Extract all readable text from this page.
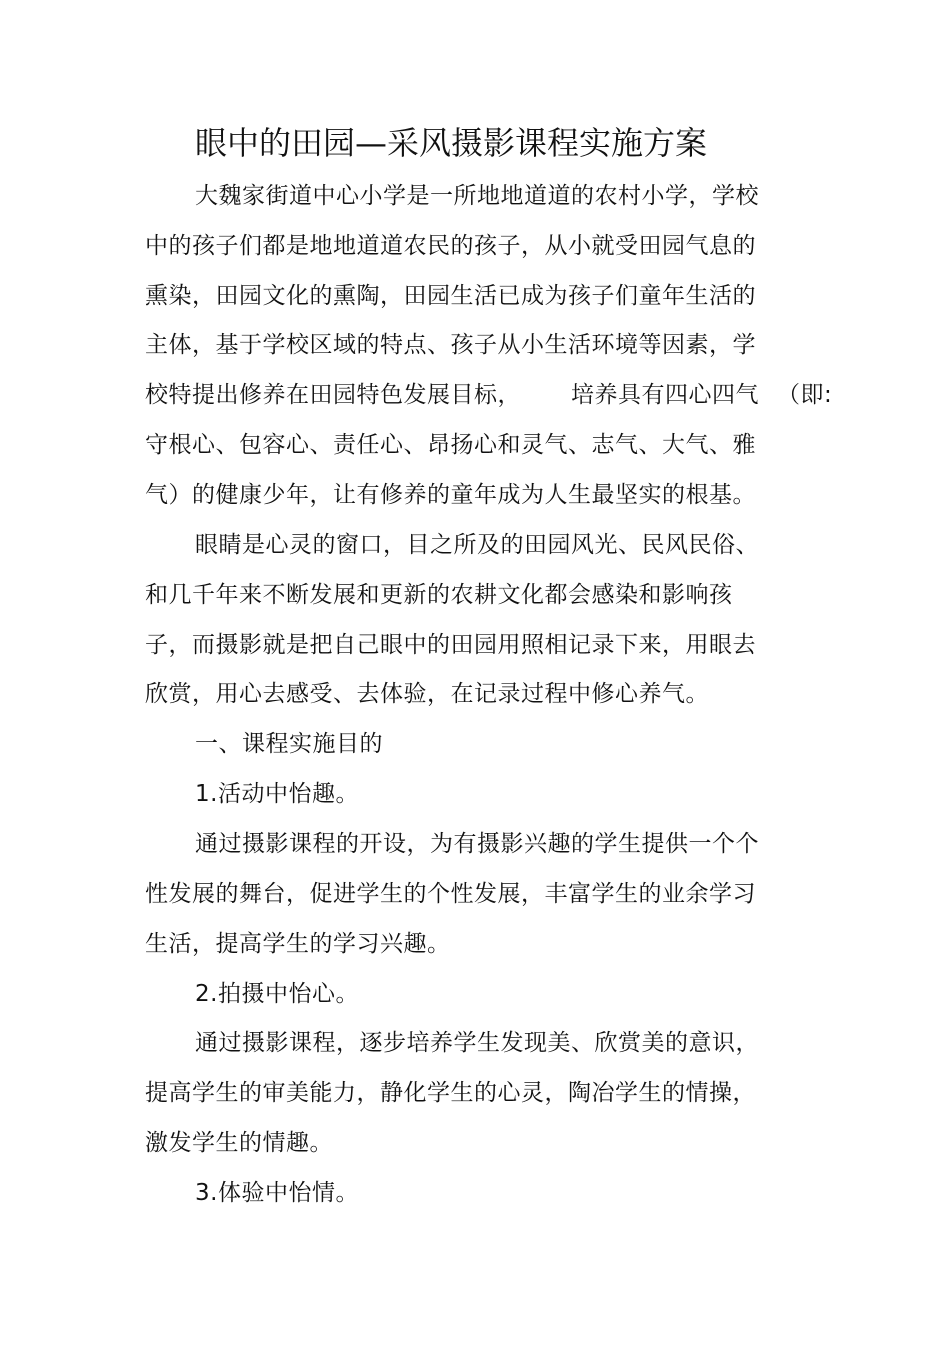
眼中的田园—采风摄影课程实施方案
大魏家街道中心小学是一所地地道道的农村小学，学校
中的孩子们都是地地道道农民的孩子，从小就受田园气息的
熏染，田园文化的熏陶，田园生活已成为孩子们童年生活的
主体，基于学校区域的特点、孩子从小生活环境等因素，学
校特提出修养在田园特色发展目标， 培养具有四心四气 （即:
守根心、包容心、责任心、昂扬心和灵气、志气、大气、雅
气）的健康少年，让有修养的童年成为人生最坚实的根基。
眼睛是心灵的窗口，目之所及的田园风光、民风民俗、
和几千年来不断发展和更新的农耕文化都会感染和影响孩
子，而摄影就是把自己眼中的田园用照相记录下来，用眼去
欣赏，用心去感受、去体验，在记录过程中修心养气。
一、课程实施目的
1.活动中怡趣。
通过摄影课程的开设，为有摄影兴趣的学生提供一个个
性发展的舞台，促进学生的个性发展，丰富学生的业余学习
生活，提高学生的学习兴趣。
2.拍摄中怡心。
通过摄影课程，逐步培养学生发现美、欣赏美的意识，
提高学生的审美能力，静化学生的心灵，陶冶学生的情操，
激发学生的情趣。
3.体验中怡情。
